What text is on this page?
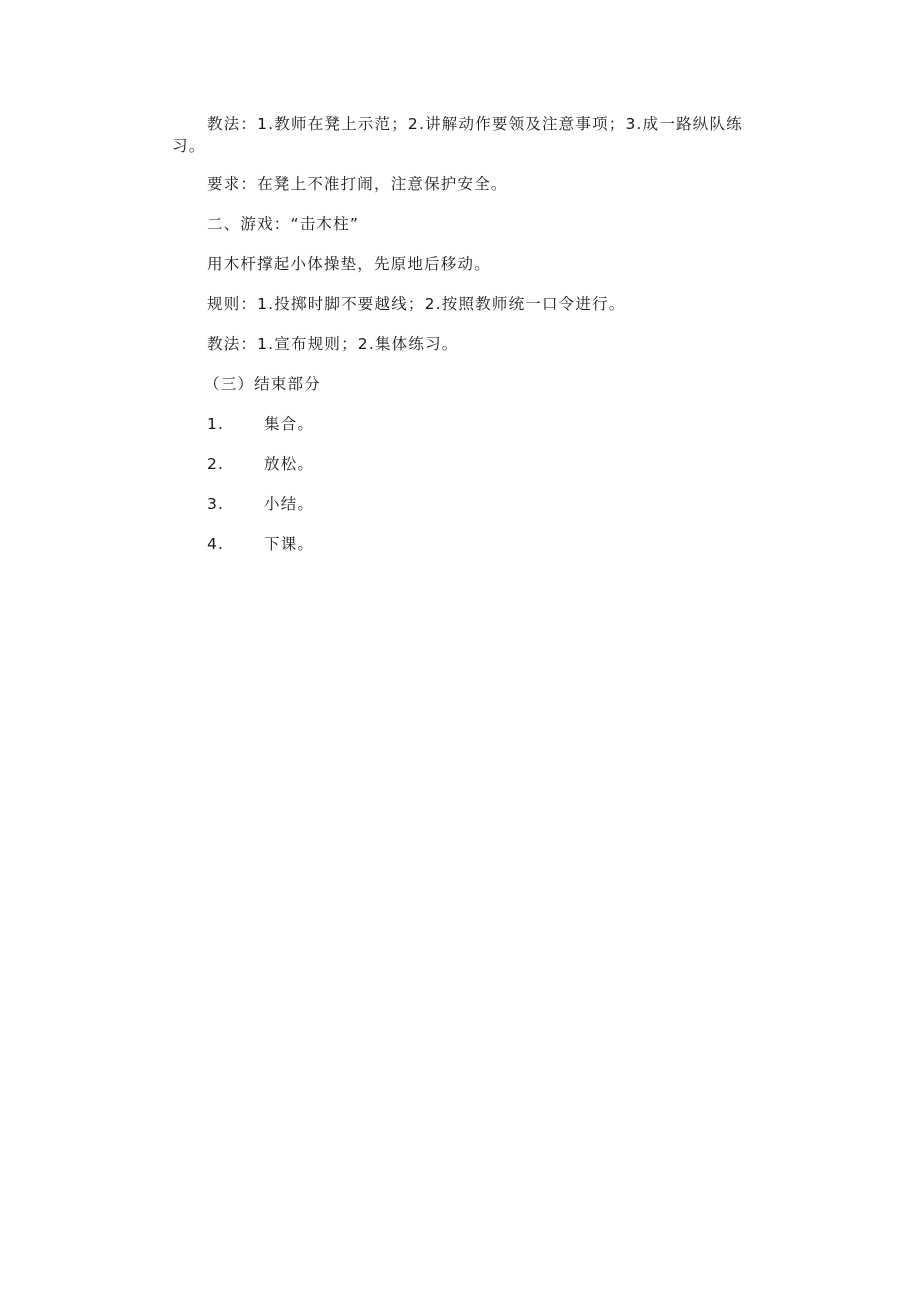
教法：1.教师在凳上示范；2.讲解动作要领及注意事项；3.成一路纵队练习。
要求：在凳上不准打闹，注意保护安全。
二、游戏：“击木柱”
用木杆撑起小体操垫，先原地后移动。
规则：1.投掷时脚不要越线；2.按照教师统一口令进行。
教法：1.宣布规则；2.集体练习。
（三）结束部分
1.	集合。
2.	放松。
3.	小结。
4.	下课。
